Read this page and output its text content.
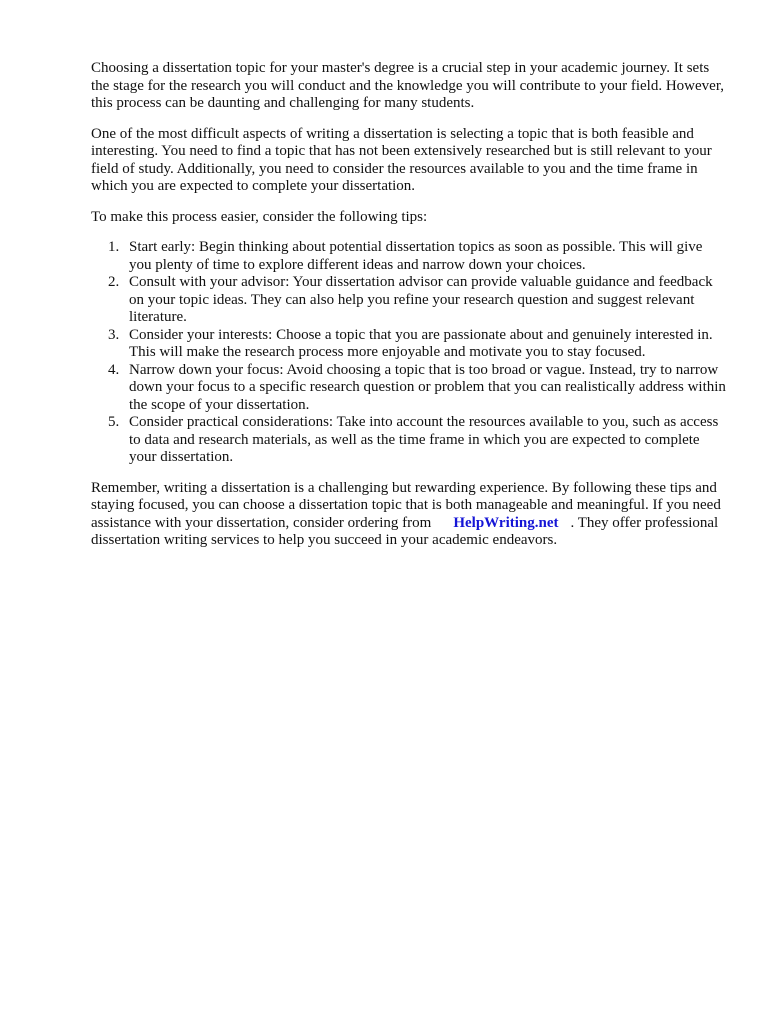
Choosing a dissertation topic for your master's degree is a crucial step in your academic journey. It sets the stage for the research you will conduct and the knowledge you will contribute to your field. However, this process can be daunting and challenging for many students.

One of the most difficult aspects of writing a dissertation is selecting a topic that is both feasible and interesting. You need to find a topic that has not been extensively researched but is still relevant to your field of study. Additionally, you need to consider the resources available to you and the time frame in which you are expected to complete your dissertation.

To make this process easier, consider the following tips:

1. Start early: Begin thinking about potential dissertation topics as soon as possible. This will give you plenty of time to explore different ideas and narrow down your choices.
2. Consult with your advisor: Your dissertation advisor can provide valuable guidance and feedback on your topic ideas. They can also help you refine your research question and suggest relevant literature.
3. Consider your interests: Choose a topic that you are passionate about and genuinely interested in. This will make the research process more enjoyable and motivate you to stay focused.
4. Narrow down your focus: Avoid choosing a topic that is too broad or vague. Instead, try to narrow down your focus to a specific research question or problem that you can realistically address within the scope of your dissertation.
5. Consider practical considerations: Take into account the resources available to you, such as access to data and research materials, as well as the time frame in which you are expected to complete your dissertation.

Remember, writing a dissertation is a challenging but rewarding experience. By following these tips and staying focused, you can choose a dissertation topic that is both manageable and meaningful. If you need assistance with your dissertation, consider ordering from HelpWriting.net . They offer professional dissertation writing services to help you succeed in your academic endeavors.
